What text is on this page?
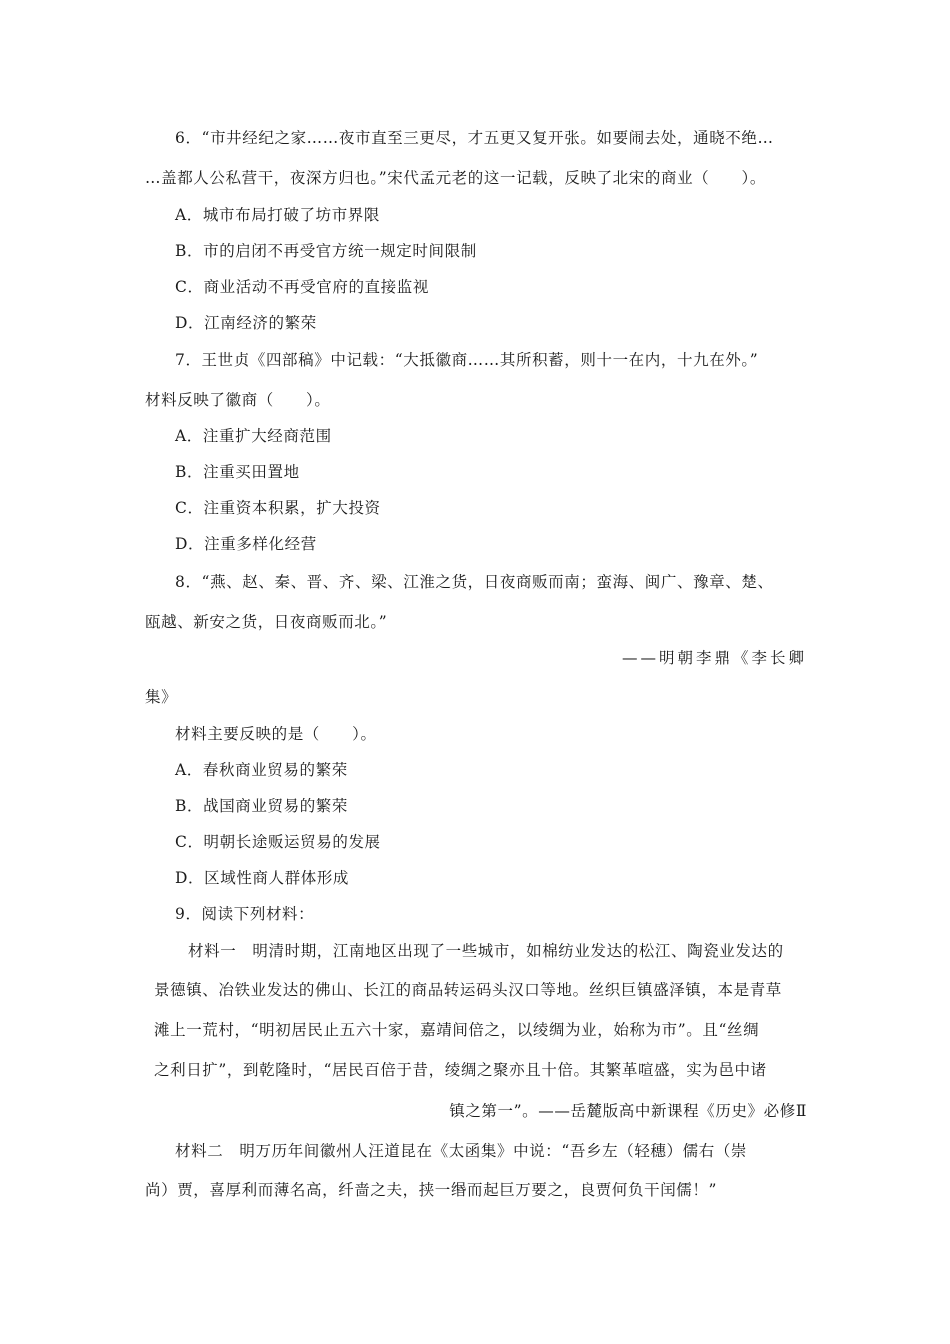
6．“市井经纪之家……夜市直至三更尽，才五更又复开张。如要闹去处，通晓不绝…
…盖都人公私营干，夜深方归也。”宋代孟元老的这一记载，反映了北宋的商业（　　）。
A．城市布局打破了坊市界限
B．市的启闭不再受官方统一规定时间限制
C．商业活动不再受官府的直接监视
D．江南经济的繁荣
7．王世贞《四部稿》中记载：“大抵徽商……其所积蓄，则十一在内，十九在外。”
材料反映了徽商（　　）。
A．注重扩大经商范围
B．注重买田置地
C．注重资本积累，扩大投资
D．注重多样化经营
8．“燕、赵、秦、晋、齐、梁、江淮之货，日夜商贩而南；蛮海、闽广、豫章、楚、
瓯越、新安之货，日夜商贩而北。”
——明朝李鼎《李长卿
集》
材料主要反映的是（　　）。
A．春秋商业贸易的繁荣
B．战国商业贸易的繁荣
C．明朝长途贩运贸易的发展
D．区域性商人群体形成
9．阅读下列材料：
材料一　明清时期，江南地区出现了一些城市，如棉纺业发达的松江、陶瓷业发达的
景德镇、冶铁业发达的佛山、长江的商品转运码头汉口等地。丝织巨镇盛泽镇，本是青草
滩上一荒村，“明初居民止五六十家，嘉靖间倍之，以绫绸为业，始称为市”。且“丝绸
之利日扩”，到乾隆时，“居民百倍于昔，绫绸之聚亦且十倍。其繁革喧盛，实为邑中诸
镇之第一”。——岳麓版高中新课程《历史》必修Ⅱ
材料二　明万历年间徽州人汪道昆在《太函集》中说：“吾乡左（轻穗）儒右（崇
尚）贾，喜厚利而薄名高，纤啬之夫，挟一缗而起巨万要之，良贾何负干闰儒！”
